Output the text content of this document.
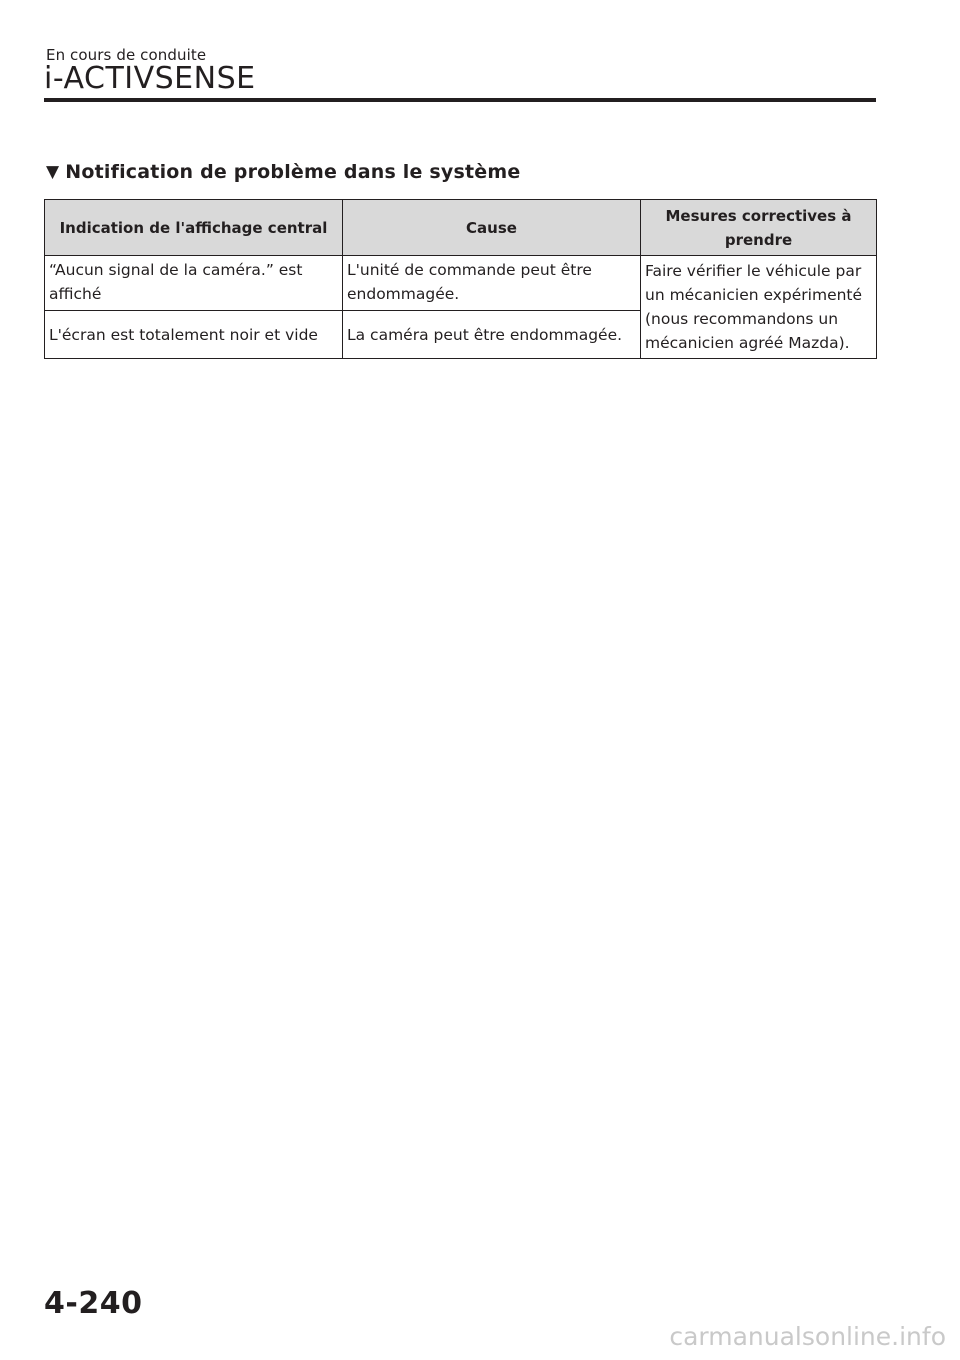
En cours de conduite
i-ACTIVSENSE
▼ Notification de problème dans le système
Indication de l'affichage central	Cause	Mesures correctives à prendre
“Aucun signal de la caméra.” est affiché	L'unité de commande peut être endommagée.	Faire vérifier le véhicule par un mécanicien expérimenté (nous recommandons un mécanicien agréé Mazda).
L'écran est totalement noir et vide	La caméra peut être endommagée.	
4-240
carmanualsonline.info
